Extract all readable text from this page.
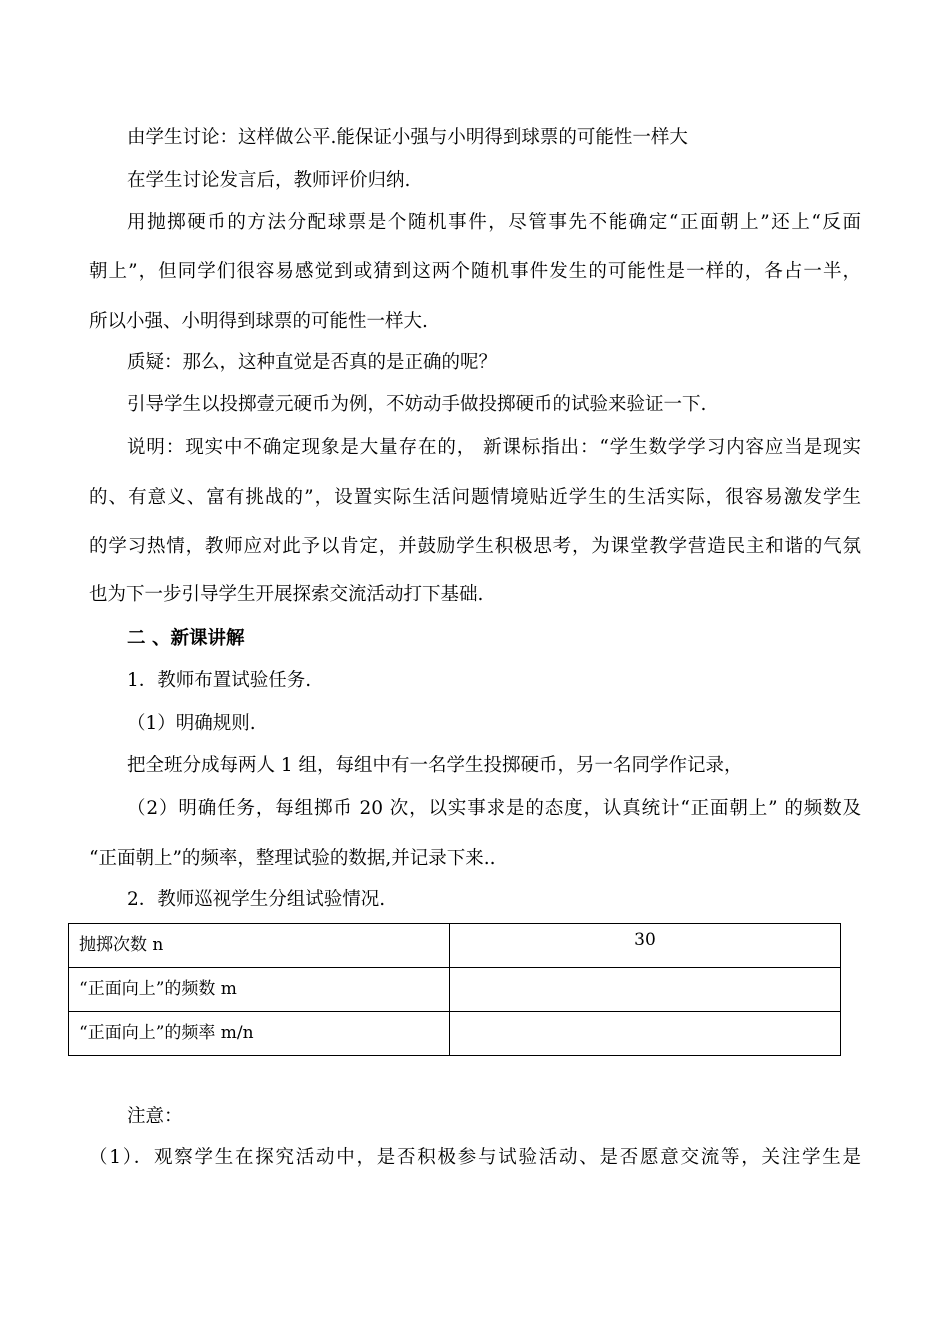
由学生讨论：这样做公平.能保证小强与小明得到球票的可能性一样大
在学生讨论发言后，教师评价归纳.
用抛掷硬币的方法分配球票是个随机事件，尽管事先不能确定“正面朝上”还上“反面
朝上”，但同学们很容易感觉到或猜到这两个随机事件发生的可能性是一样的，各占一半，
所以小强、小明得到球票的可能性一样大.
质疑：那么，这种直觉是否真的是正确的呢？
引导学生以投掷壹元硬币为例，不妨动手做投掷硬币的试验来验证一下.
说明：现实中不确定现象是大量存在的， 新课标指出：“学生数学学习内容应当是现实
的、有意义、富有挑战的”，设置实际生活问题情境贴近学生的生活实际，很容易激发学生
的学习热情，教师应对此予以肯定，并鼓励学生积极思考，为课堂教学营造民主和谐的气氛
也为下一步引导学生开展探索交流活动打下基础.
二 、新课讲解
1．教师布置试验任务.
（1）明确规则.
把全班分成每两人 1 组，每组中有一名学生投掷硬币，另一名同学作记录，
（2）明确任务，每组掷币 20 次，以实事求是的态度，认真统计“正面朝上” 的频数及
“正面朝上”的频率，整理试验的数据,并记录下来..
2．教师巡视学生分组试验情况.
抛掷次数 n	30
“正面向上”的频数 m	
“正面向上”的频率 m/n	
注意：
（1）．观察学生在探究活动中，是否积极参与试验活动、是否愿意交流等，关注学生是
